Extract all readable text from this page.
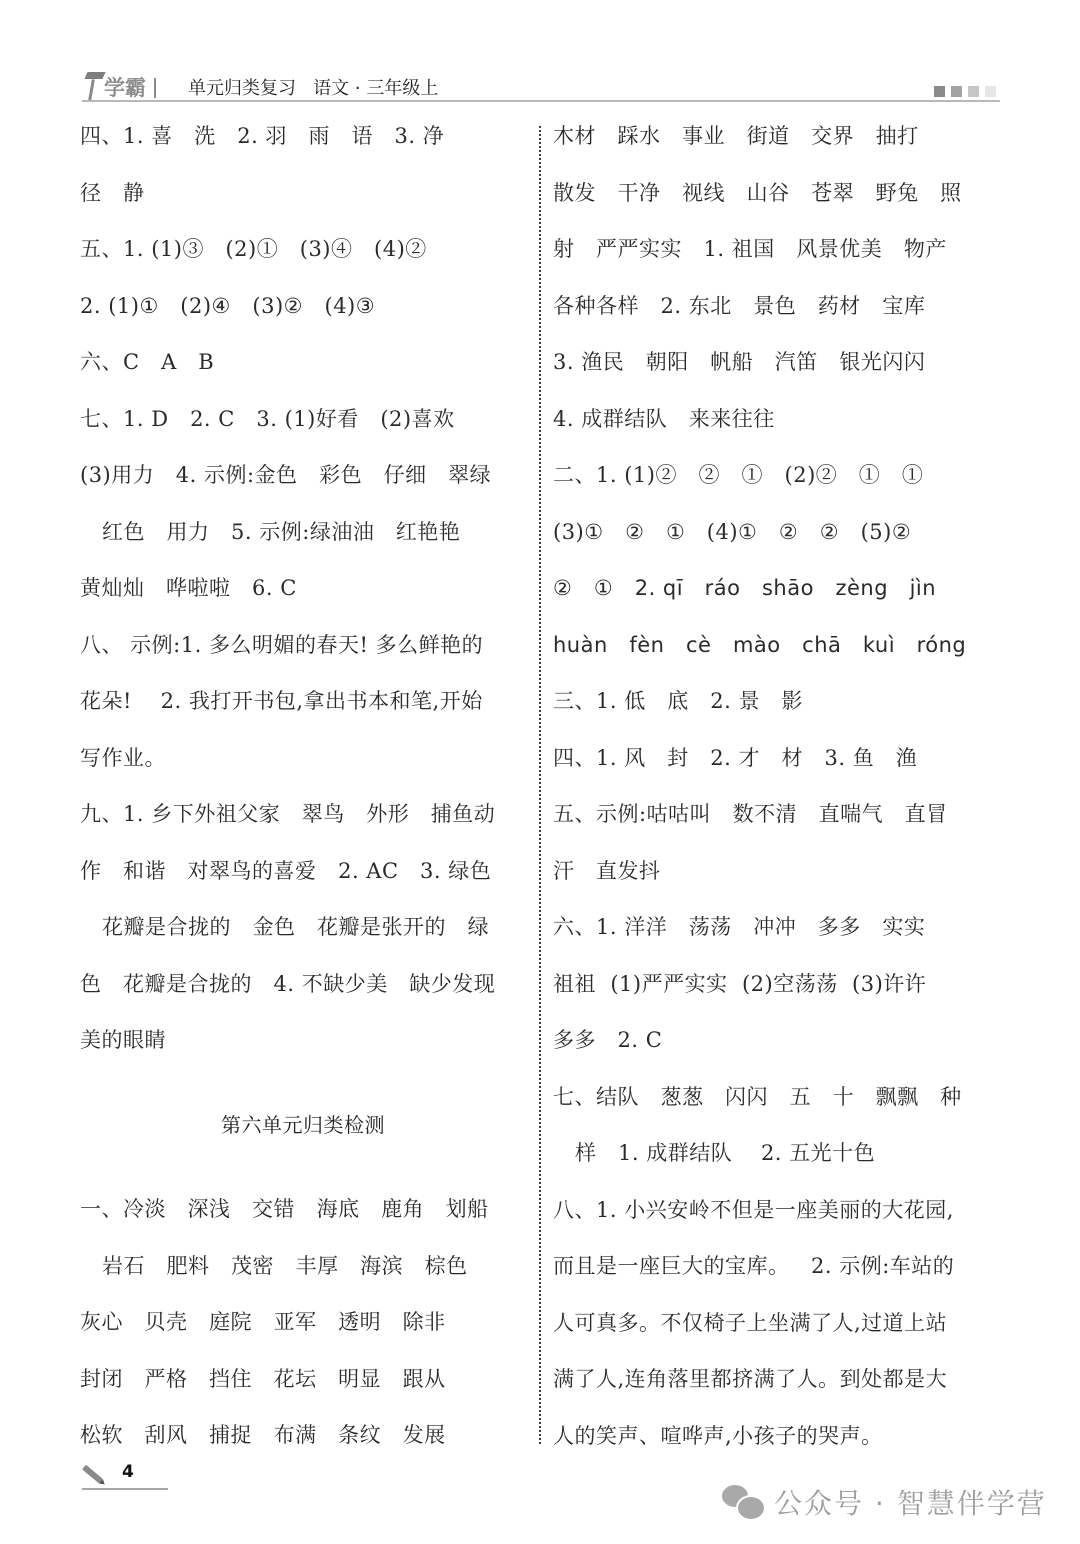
学霸 单元归类复习   语文 · 三年级上
四、1. 喜   洗   2. 羽   雨   语   3. 净
径   静
五、1. (1)③   (2)①   (3)④   (4)②
2. (1)①   (2)④   (3)②   (4)③
六、C   A   B
七、1. D   2. C   3. (1)好看   (2)喜欢
(3)用力   4. 示例:金色   彩色   仔细   翠绿
红色   用力   5. 示例:绿油油   红艳艳
黄灿灿   哗啦啦   6. C
八、 示例:1. 多么明媚的春天! 多么鲜艳的
花朵!    2. 我打开书包,拿出书本和笔,开始
写作业。
九、1. 乡下外祖父家   翠鸟   外形   捕鱼动
作   和谐   对翠鸟的喜爱   2. AC   3. 绿色
花瓣是合拢的   金色   花瓣是张开的   绿
色   花瓣是合拢的   4. 不缺少美   缺少发现
美的眼睛
第六单元归类检测
一、冷淡   深浅   交错   海底   鹿角   划船
岩石   肥料   茂密   丰厚   海滨   棕色
灰心   贝壳   庭院   亚军   透明   除非
封闭   严格   挡住   花坛   明显   跟从
松软   刮风   捕捉   布满   条纹   发展
木材   踩水   事业   街道   交界   抽打
散发   干净   视线   山谷   苍翠   野兔   照
射   严严实实   1. 祖国   风景优美   物产
各种各样   2. 东北   景色   药材   宝库
3. 渔民   朝阳   帆船   汽笛   银光闪闪
4. 成群结队   来来往往
二、1. (1)②   ②   ①   (2)②   ①   ①
(3)①   ②   ①   (4)①   ②   ②   (5)②
②   ①   2. qī   ráo   shāo   zèng   jìn
huàn   fèn   cè   mào   chā   kuì   róng
三、1. 低   底   2. 景   影
四、1. 风   封   2. 才   材   3. 鱼   渔
五、示例:咕咕叫   数不清   直喘气   直冒
汗   直发抖
六、1. 洋洋   荡荡   冲冲   多多   实实
祖祖  (1)严严实实  (2)空荡荡  (3)许许
多多   2. C
七、结队   葱葱   闪闪   五   十   飘飘   种
样   1. 成群结队    2. 五光十色
八、1. 小兴安岭不但是一座美丽的大花园,
而且是一座巨大的宝库。   2. 示例:车站的
人可真多。不仅椅子上坐满了人,过道上站
满了人,连角落里都挤满了人。到处都是大
人的笑声、喧哗声,小孩子的哭声。
4
公众号 · 智慧伴学营
